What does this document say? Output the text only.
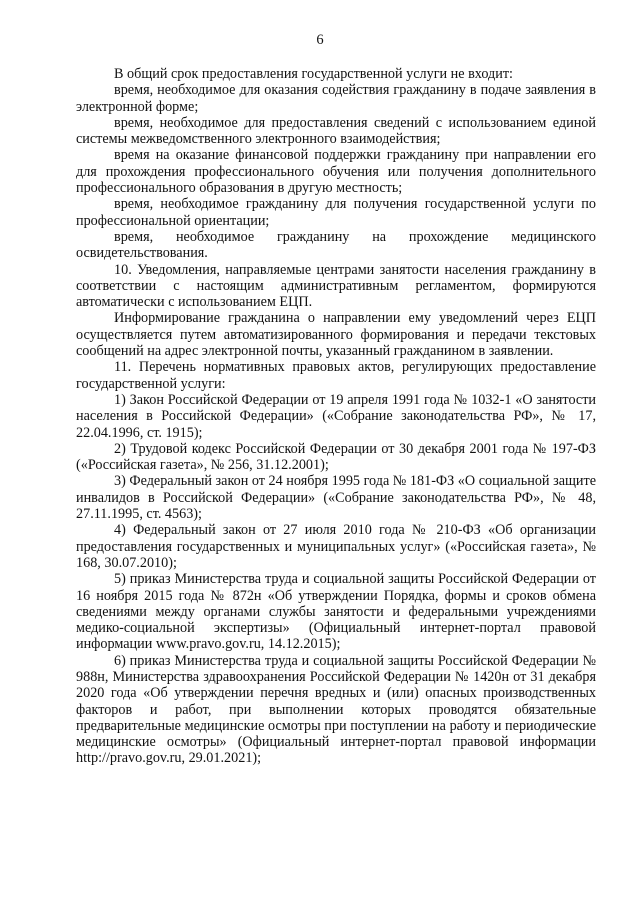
6

В общий срок предоставления государственной услуги не входит:

время, необходимое для оказания содействия гражданину в подаче заявления в электронной форме;

время, необходимое для предоставления сведений с использованием единой системы межведомственного электронного взаимодействия;

время на оказание финансовой поддержки гражданину при направлении его для прохождения профессионального обучения или получения дополнительного профессионального образования в другую местность;

время, необходимое гражданину для получения государственной услуги по профессиональной ориентации;

время, необходимое гражданину на прохождение медицинского освидетельствования.

10. Уведомления, направляемые центрами занятости населения гражданину в соответствии с настоящим административным регламентом, формируются автоматически с использованием ЕЦП.

Информирование гражданина о направлении ему уведомлений через ЕЦП осуществляется путем автоматизированного формирования и передачи текстовых сообщений на адрес электронной почты, указанный гражданином в заявлении.

11. Перечень нормативных правовых актов, регулирующих предоставление государственной услуги:

1) Закон Российской Федерации от 19 апреля 1991 года № 1032-1 «О занятости населения в Российской Федерации» («Собрание законодательства РФ», № 17, 22.04.1996, ст. 1915);

2) Трудовой кодекс Российской Федерации от 30 декабря 2001 года № 197-ФЗ («Российская газета», № 256, 31.12.2001);

3) Федеральный закон от 24 ноября 1995 года № 181-ФЗ «О социальной защите инвалидов в Российской Федерации» («Собрание законодательства РФ», № 48, 27.11.1995, ст. 4563);

4) Федеральный закон от 27 июля 2010 года № 210-ФЗ «Об организации предоставления государственных и муниципальных услуг» («Российская газета», № 168, 30.07.2010);

5) приказ Министерства труда и социальной защиты Российской Федерации от 16 ноября 2015 года № 872н «Об утверждении Порядка, формы и сроков обмена сведениями между органами службы занятости и федеральными учреждениями медико-социальной экспертизы» (Официальный интернет-портал правовой информации www.pravo.gov.ru, 14.12.2015);

6) приказ Министерства труда и социальной защиты Российской Федерации № 988н, Министерства здравоохранения Российской Федерации № 1420н от 31 декабря 2020 года «Об утверждении перечня вредных и (или) опасных производственных факторов и работ, при выполнении которых проводятся обязательные предварительные медицинские осмотры при поступлении на работу и периодические медицинские осмотры» (Официальный интернет-портал правовой информации http://pravo.gov.ru, 29.01.2021);
